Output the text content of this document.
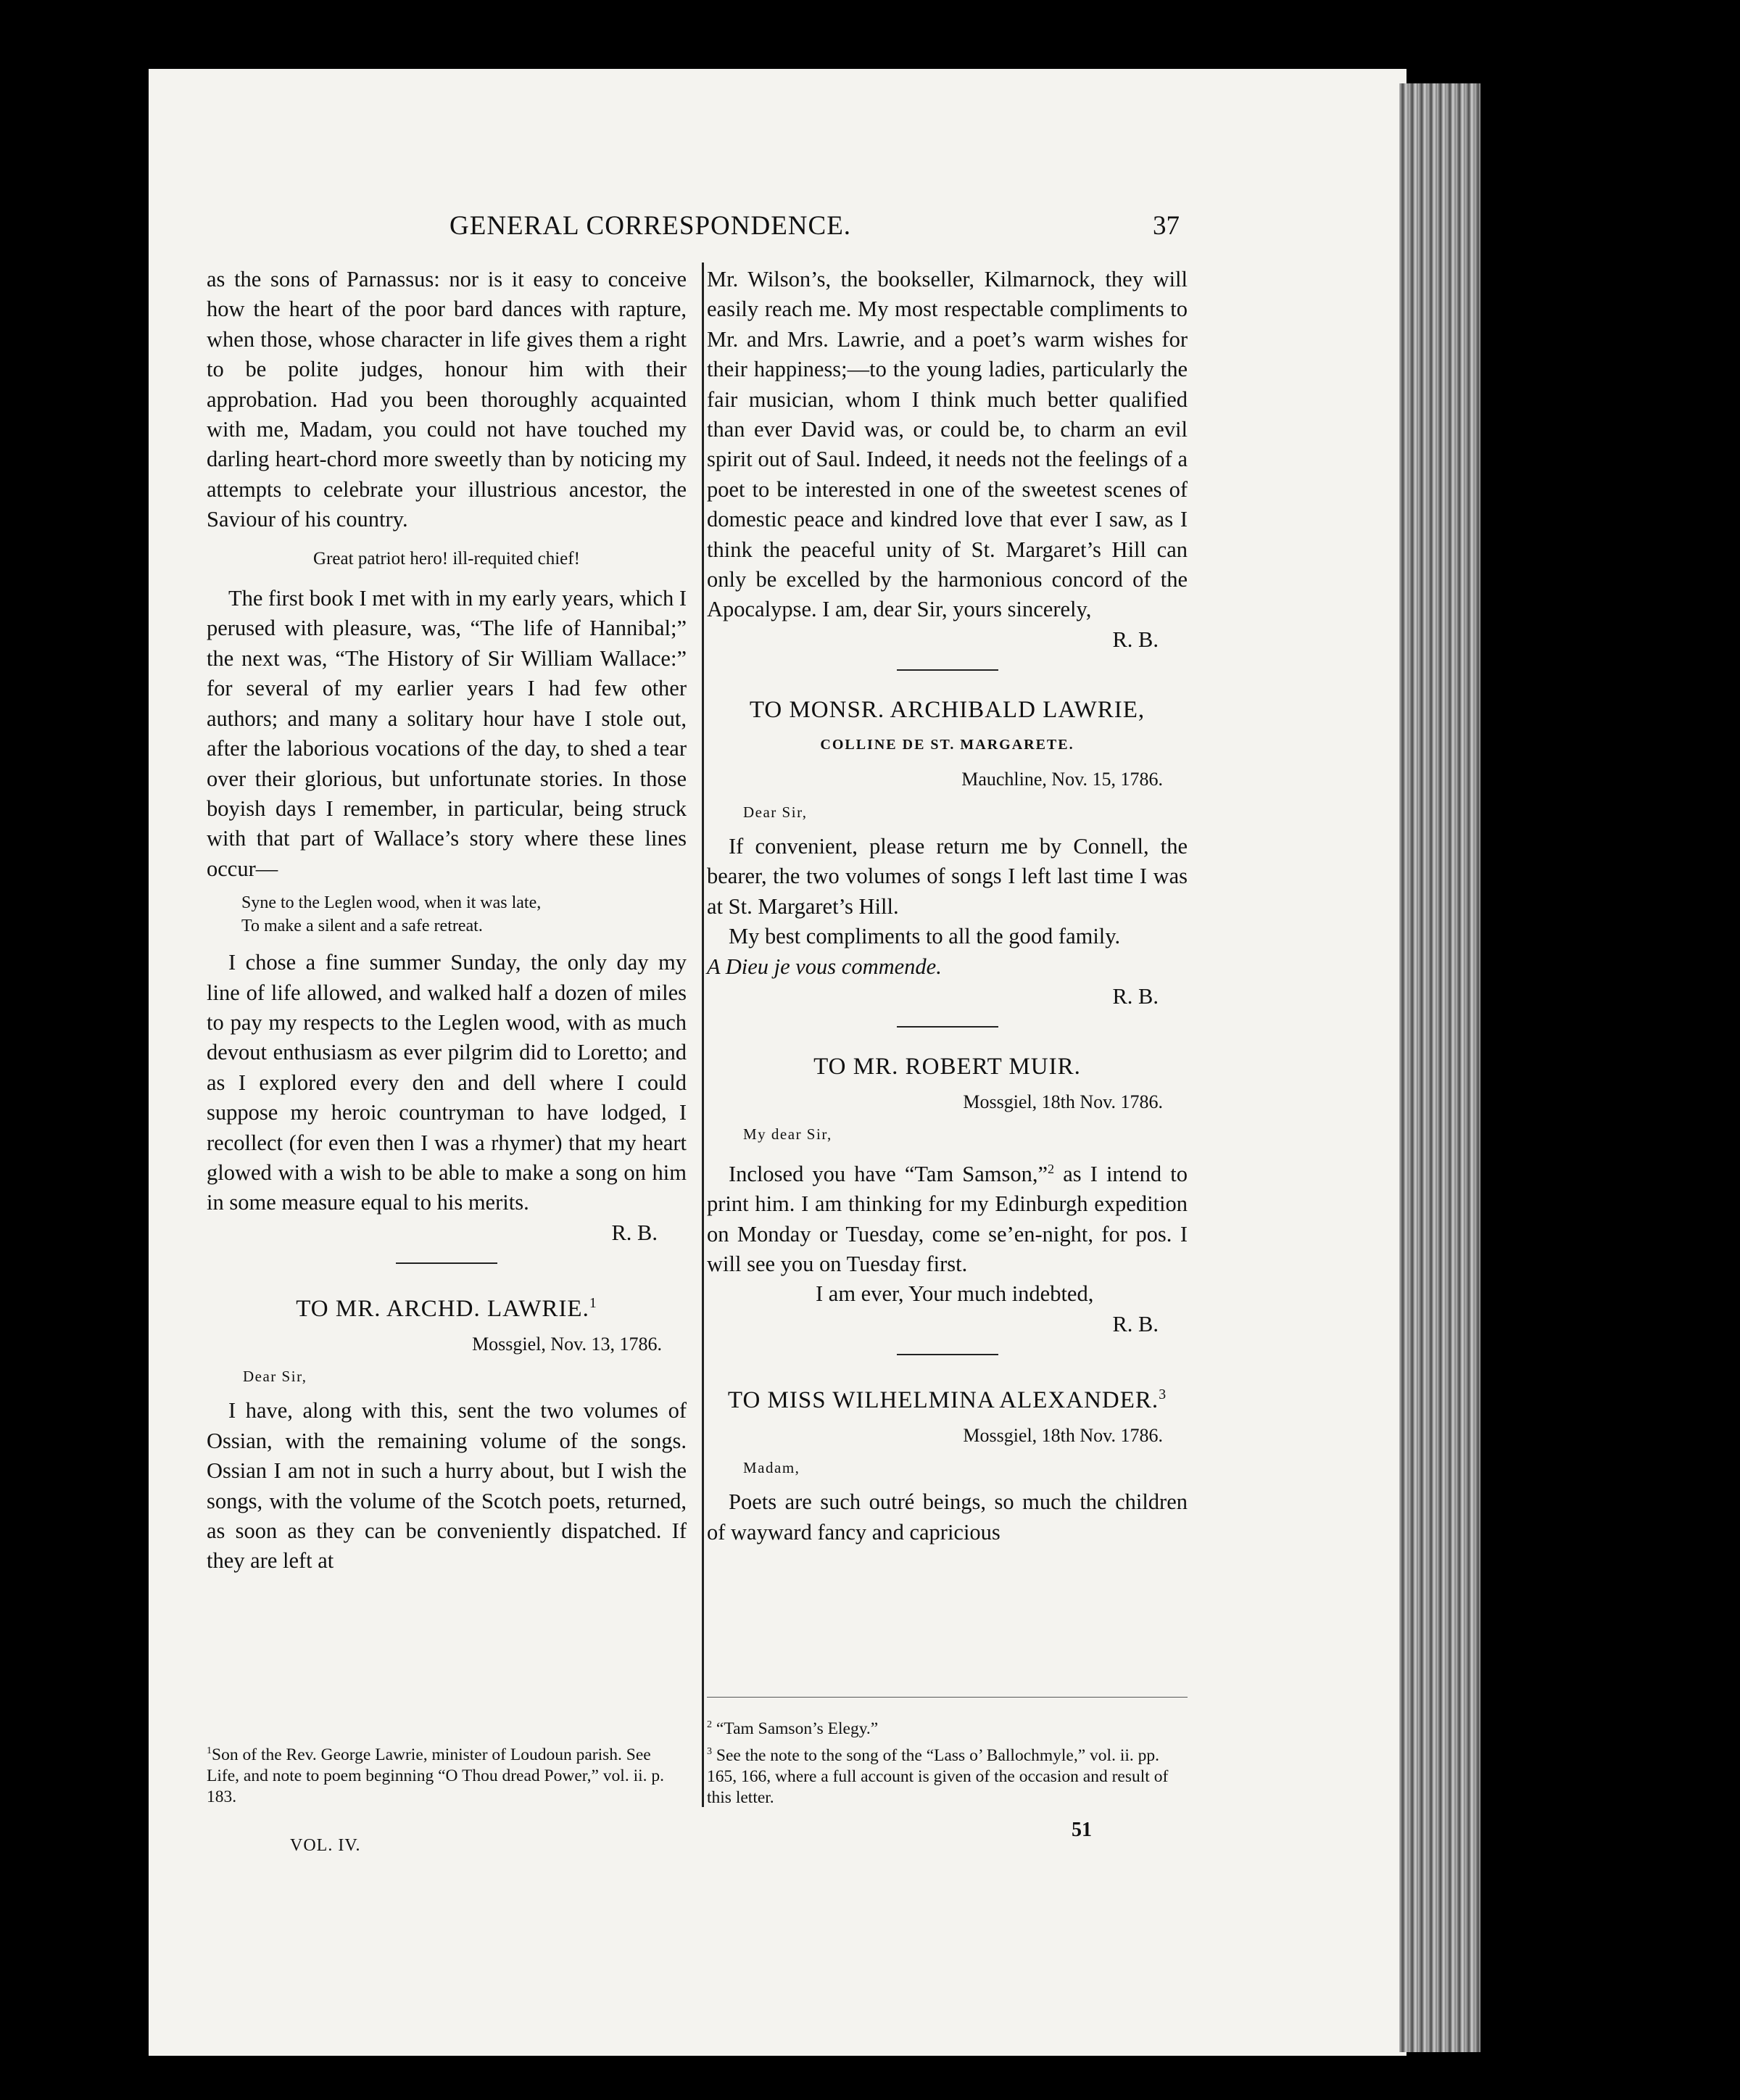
GENERAL CORRESPONDENCE.	37

as the sons of Parnassus: nor is it easy to conceive how the heart of the poor bard dances with rapture, when those, whose character in life gives them a right to be polite judges, honour him with their approbation. Had you been thoroughly acquainted with me, Madam, you could not have touched my darling heart-chord more sweetly than by noticing my attempts to celebrate your illustrious ancestor, the Saviour of his country.

Great patriot hero! ill-requited chief!

The first book I met with in my early years, which I perused with pleasure, was, “The life of Hannibal;” the next was, “The History of Sir William Wallace:” for several of my earlier years I had few other authors; and many a solitary hour have I stole out, after the laborious vocations of the day, to shed a tear over their glorious, but unfortunate stories. In those boyish days I remember, in particular, being struck with that part of Wallace’s story where these lines occur—

Syne to the Leglen wood, when it was late,
To make a silent and a safe retreat.

I chose a fine summer Sunday, the only day my line of life allowed, and walked half a dozen of miles to pay my respects to the Leglen wood, with as much devout enthusiasm as ever pilgrim did to Loretto; and as I explored every den and dell where I could suppose my heroic countryman to have lodged, I recollect (for even then I was a rhymer) that my heart glowed with a wish to be able to make a song on him in some measure equal to his merits.

R. B.

TO MR. ARCHD. LAWRIE.$^1$
Mossgiel, Nov. 13, 1786.
Dear Sir,

I have, along with this, sent the two volumes of Ossian, with the remaining volume of the songs. Ossian I am not in such a hurry about, but I wish the songs, with the volume of the Scotch poets, returned, as soon as they can be conveniently dispatched. If they are left at

$^1$Son of the Rev. George Lawrie, minister of Loudoun parish. See Life, and note to poem beginning “O Thou dread Power,” vol. ii. p. 183.
VOL. IV.

Mr. Wilson’s, the bookseller, Kilmarnock, they will easily reach me. My most respectable compliments to Mr. and Mrs. Lawrie, and a poet’s warm wishes for their happiness;—to the young ladies, particularly the fair musician, whom I think much better qualified than ever David was, or could be, to charm an evil spirit out of Saul. Indeed, it needs not the feelings of a poet to be interested in one of the sweetest scenes of domestic peace and kindred love that ever I saw, as I think the peaceful unity of St. Margaret’s Hill can only be excelled by the harmonious concord of the Apocalypse. I am, dear Sir, yours sincerely,

R. B.

TO MONSR. ARCHIBALD LAWRIE,
COLLINE DE ST. MARGARETE.
Mauchline, Nov. 15, 1786.
Dear Sir,

If convenient, please return me by Connell, the bearer, the two volumes of songs I left last time I was at St. Margaret’s Hill.

My best compliments to all the good family.

A Dieu je vous commende.

R. B.

TO MR. ROBERT MUIR.
Mossgiel, 18th Nov. 1786.
My dear Sir,

Inclosed you have “Tam Samson,”$^2$ as I intend to print him. I am thinking for my Edinburgh expedition on Monday or Tuesday, come se’en-night, for pos. I will see you on Tuesday first.

I am ever, Your much indebted,

R. B.

TO MISS WILHELMINA ALEXANDER.$^3$
Mossgiel, 18th Nov. 1786.
Madam,

Poets are such outré beings, so much the children of wayward fancy and capricious

$^2$ “Tam Samson’s Elegy.”
$^3$ See the note to the song of the “Lass o’ Ballochmyle,” vol. ii. pp. 165, 166, where a full account is given of the occasion and result of this letter.
51
